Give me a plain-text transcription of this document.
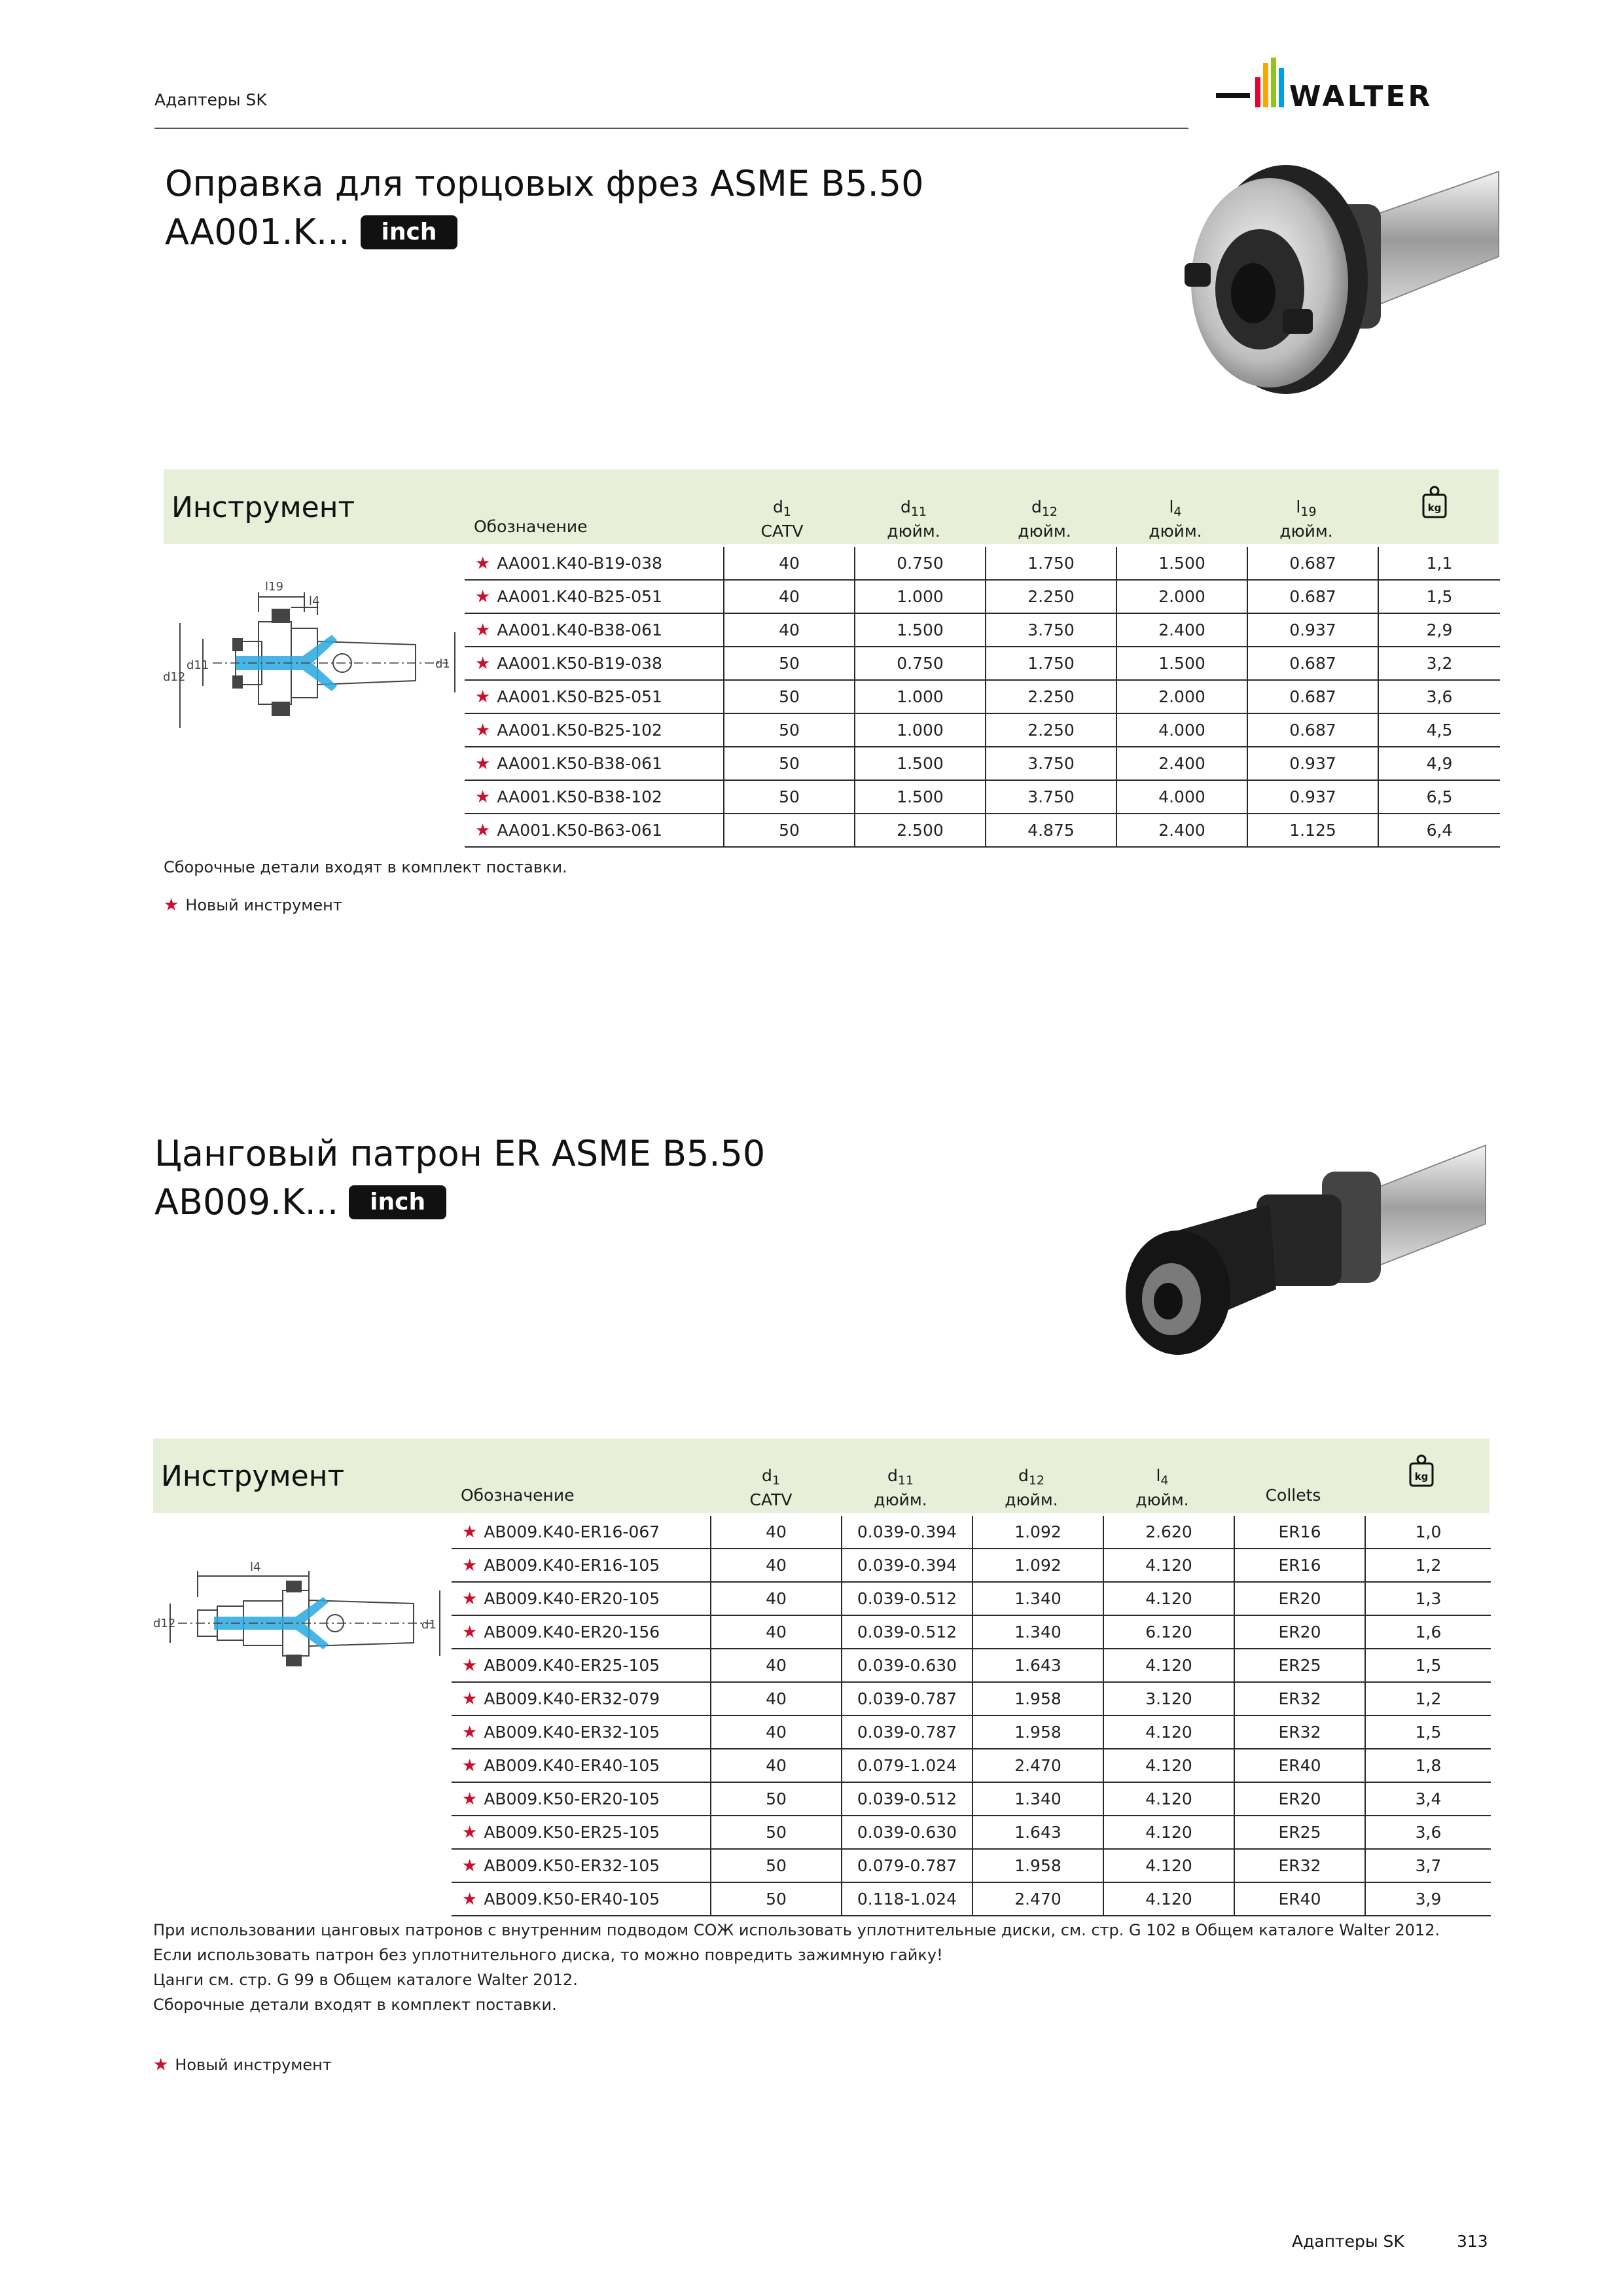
Адаптеры SK	WALTER
Оправка для торцовых фрез ASME B5.50
AA001.K...	inch
Инструмент
Обозначение
$d_1$
CATV
$d_{11}$
дюйм.
$d_{12}$
дюйм.
$l_4$
дюйм.
$l_{19}$
дюйм.
kg
l19
l4
d11
d12
d1
★ AA001.K40-B19-038	40	0.750	1.750	1.500	0.687	1,1
★ AA001.K40-B25-051	40	1.000	2.250	2.000	0.687	1,5
★ AA001.K40-B38-061	40	1.500	3.750	2.400	0.937	2,9
★ AA001.K50-B19-038	50	0.750	1.750	1.500	0.687	3,2
★ AA001.K50-B25-051	50	1.000	2.250	2.000	0.687	3,6
★ AA001.K50-B25-102	50	1.000	2.250	4.000	0.687	4,5
★ AA001.K50-B38-061	50	1.500	3.750	2.400	0.937	4,9
★ AA001.K50-B38-102	50	1.500	3.750	4.000	0.937	6,5
★ AA001.K50-B63-061	50	2.500	4.875	2.400	1.125	6,4
Сборочные детали входят в комплект поставки.
★ Новый инструмент
Цанговый патрон ER ASME B5.50
AB009.K...	inch
Инструмент
Обозначение
$d_1$
CATV
$d_{11}$
дюйм.
$d_{12}$
дюйм.
$l_4$
дюйм.	Collets
kg
l4
d12	d1
★ AB009.K40-ER16-067	40	0.039-0.394	1.092	2.620	ER16	1,0
★ AB009.K40-ER16-105	40	0.039-0.394	1.092	4.120	ER16	1,2
★ AB009.K40-ER20-105	40	0.039-0.512	1.340	4.120	ER20	1,3
★ AB009.K40-ER20-156	40	0.039-0.512	1.340	6.120	ER20	1,6
★ AB009.K40-ER25-105	40	0.039-0.630	1.643	4.120	ER25	1,5
★ AB009.K40-ER32-079	40	0.039-0.787	1.958	3.120	ER32	1,2
★ AB009.K40-ER32-105	40	0.039-0.787	1.958	4.120	ER32	1,5
★ AB009.K40-ER40-105	40	0.079-1.024	2.470	4.120	ER40	1,8
★ AB009.K50-ER20-105	50	0.039-0.512	1.340	4.120	ER20	3,4
★ AB009.K50-ER25-105	50	0.039-0.630	1.643	4.120	ER25	3,6
★ AB009.K50-ER32-105	50	0.079-0.787	1.958	4.120	ER32	3,7
★ AB009.K50-ER40-105	50	0.118-1.024	2.470	4.120	ER40	3,9
При использовании цанговых патронов с внутренним подводом СОЖ использовать уплотнительные диски, см. стр. G 102 в Общем каталоге Walter 2012.
Если использовать патрон без уплотнительного диска, то можно повредить зажимную гайку!
Цанги см. стр. G 99 в Общем каталоге Walter 2012.
Сборочные детали входят в комплект поставки.
★ Новый инструмент
Адаптеры SK	313
